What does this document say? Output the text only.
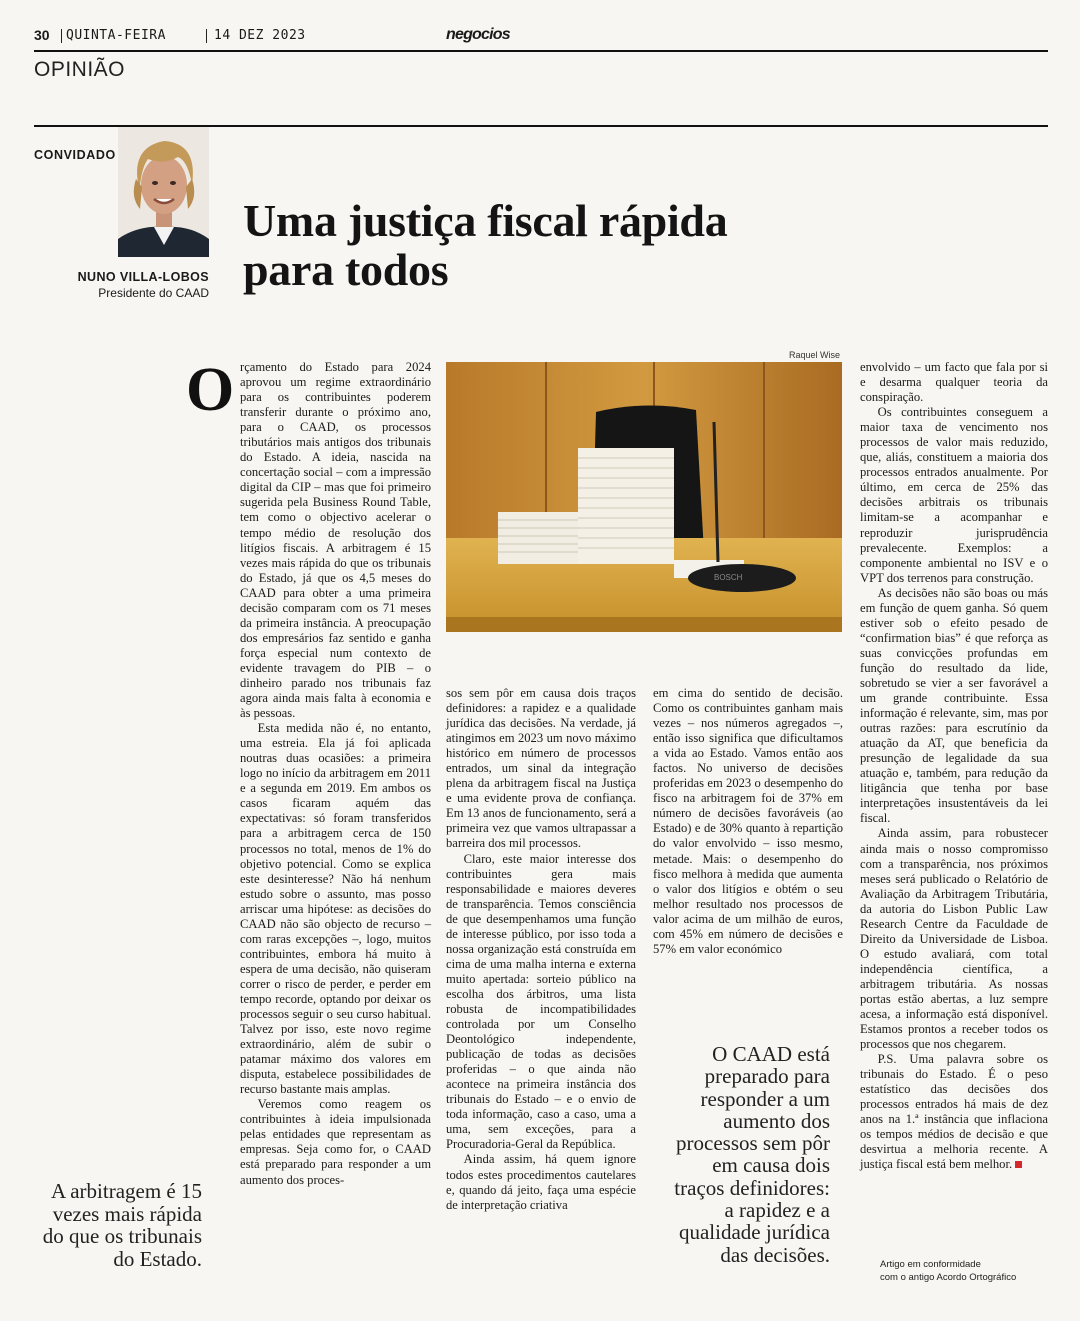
30 QUINTA-FEIRA	14 DEZ 2023	negocios
OPINIÃO
CONVIDADO
NUNO VILLA-LOBOS
Presidente do CAAD
Uma justiça fiscal rápida
para todos
O rçamento do Estado para 2024 aprovou um regime extraordinário para os contribuintes poderem transferir durante o próximo ano, para o CAAD, os processos tributários mais antigos dos tribunais do Estado. A ideia, nascida na concertação social – com a impressão digital da CIP – mas que foi primeiro sugerida pela Business Round Table, tem como o objectivo acelerar o tempo médio de resolução dos litígios fiscais. A arbitragem é 15 vezes mais rápida do que os tribunais do Estado, já que os 4,5 meses do CAAD para obter a uma primeira decisão comparam com os 71 meses da primeira instância. A preocupação dos empresários faz sentido e ganha força especial num contexto de evidente travagem do PIB – o dinheiro parado nos tribunais faz agora ainda mais falta à economia e às pessoas.

Esta medida não é, no entanto, uma estreia. Ela já foi aplicada noutras duas ocasiões: a primeira logo no início da arbitragem em 2011 e a segunda em 2019. Em ambos os casos ficaram aquém das expectativas: só foram transferidos para a arbitragem cerca de 150 processos no total, menos de 1% do objetivo potencial. Como se explica este desinteresse? Não há nenhum estudo sobre o assunto, mas posso arriscar uma hipótese: as decisões do CAAD não são objecto de recurso – com raras excepções –, logo, muitos contribuintes, embora há muito à espera de uma decisão, não quiseram correr o risco de perder, e perder em tempo recorde, optando por deixar os processos seguir o seu curso habitual. Talvez por isso, este novo regime extraordinário, além de subir o patamar máximo dos valores em disputa, estabelece possibilidades de recurso bastante mais amplas.

Veremos como reagem os contribuintes à ideia impulsionada pelas entidades que representam as empresas. Seja como for, o CAAD está preparado para responder a um aumento dos proces-

Raquel Wise
BOSCH

sos sem pôr em causa dois traços definidores: a rapidez e a qualidade jurídica das decisões. Na verdade, já atingimos em 2023 um novo máximo histórico em número de processos entrados, um sinal da integração plena da arbitragem fiscal na Justiça e uma evidente prova de confiança. Em 13 anos de funcionamento, será a primeira vez que vamos ultrapassar a barreira dos mil processos.

Claro, este maior interesse dos contribuintes gera mais responsabilidade e maiores deveres de transparência. Temos consciência de que desempenhamos uma função de interesse público, por isso toda a nossa organização está construída em cima de uma malha interna e externa muito apertada: sorteio público na escolha dos árbitros, uma lista robusta de incompatibilidades controlada por um Conselho Deontológico independente, publicação de todas as decisões proferidas – o que ainda não acontece na primeira instância dos tribunais do Estado – e o envio de toda informação, caso a caso, uma a uma, sem exceções, para a Procuradoria-Geral da República.

Ainda assim, há quem ignore todos estes procedimentos cautelares e, quando dá jeito, faça uma espécie de interpretação criativa

em cima do sentido de decisão. Como os contribuintes ganham mais vezes – nos números agregados –, então isso significa que dificultamos a vida ao Estado. Vamos então aos factos. No universo de decisões proferidas em 2023 o desempenho do fisco na arbitragem foi de 37% em número de decisões favoráveis (ao Estado) e de 30% quanto à repartição do valor envolvido – isso mesmo, metade. Mais: o desempenho do fisco melhora à medida que aumenta o valor dos litígios e obtém o seu melhor resultado nos processos de valor acima de um milhão de euros, com 45% em número de decisões e 57% em valor económico

O CAAD está preparado para responder a um aumento dos processos sem pôr em causa dois traços definidores: a rapidez e a qualidade jurídica das decisões.

envolvido – um facto que fala por si e desarma qualquer teoria da conspiração.

Os contribuintes conseguem a maior taxa de vencimento nos processos de valor mais reduzido, que, aliás, constituem a maioria dos processos entrados anualmente. Por último, em cerca de 25% das decisões arbitrais os tribunais limitam-se a acompanhar e reproduzir jurisprudência prevalecente. Exemplos: a componente ambiental no ISV e o VPT dos terrenos para construção.

As decisões não são boas ou más em função de quem ganha. Só quem estiver sob o efeito pesado de “confirmation bias” é que reforça as suas convicções profundas em função do resultado da lide, sobretudo se vier a ser favorável a um grande contribuinte. Essa informação é relevante, sim, mas por outras razões: para escrutínio da atuação da AT, que beneficia da presunção de legalidade da sua atuação e, também, para redução da litigância que tenha por base interpretações insustentáveis da lei fiscal.

Ainda assim, para robustecer ainda mais o nosso compromisso com a transparência, nos próximos meses será publicado o Relatório de Avaliação da Arbitragem Tributária, da autoria do Lisbon Public Law Research Centre da Faculdade de Direito da Universidade de Lisboa. O estudo avaliará, com total independência científica, a arbitragem tributária. As nossas portas estão abertas, a luz sempre acesa, a informação está disponível. Estamos prontos a receber todos os processos que nos chegarem.

P.S. Uma palavra sobre os tribunais do Estado. É o peso estatístico das decisões dos processos entrados há mais de dez anos na 1.ª instância que inflaciona os tempos médios de decisão e que desvirtua a melhoria recente. A justiça fiscal está bem melhor.

A arbitragem é 15 vezes mais rápida do que os tribunais do Estado.	Artigo em conformidade
com o antigo Acordo Ortográfico
